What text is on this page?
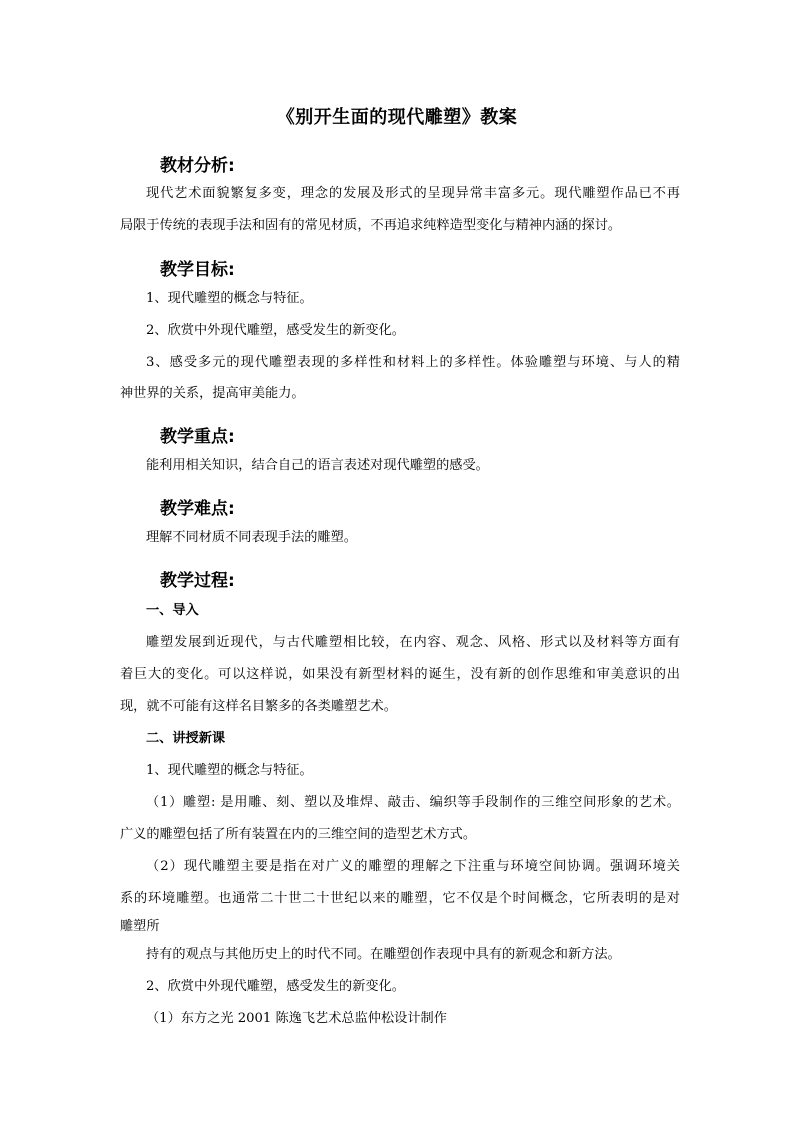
《别开生面的现代雕塑》教案
教材分析:
现代艺术面貌繁复多变，理念的发展及形式的呈现异常丰富多元。现代雕塑作品已不再
局限于传统的表现手法和固有的常见材质，不再追求纯粹造型变化与精神内涵的探讨。
教学目标:
1、现代雕塑的概念与特征。
2、欣赏中外现代雕塑，感受发生的新变化。
3、感受多元的现代雕塑表现的多样性和材料上的多样性。体验雕塑与环境、与人的精
神世界的关系，提高审美能力。
教学重点:
能利用相关知识，结合自己的语言表述对现代雕塑的感受。
教学难点:
理解不同材质不同表现手法的雕塑。
教学过程:
一、导入
雕塑发展到近现代，与古代雕塑相比较，在内容、观念、风格、形式以及材料等方面有
着巨大的变化。可以这样说，如果没有新型材料的诞生，没有新的创作思维和审美意识的出
现，就不可能有这样名目繁多的各类雕塑艺术。
二、讲授新课
1、现代雕塑的概念与特征。
（1）雕塑: 是用雕、刻、塑以及堆焊、敲击、编织等手段制作的三维空间形象的艺术。
广义的雕塑包括了所有装置在内的三维空间的造型艺术方式。
（2）现代雕塑主要是指在对广义的雕塑的理解之下注重与环境空间协调。强调环境关
系的环境雕塑。也通常二十世二十世纪以来的雕塑，它不仅是个时间概念，它所表明的是对
雕塑所
持有的观点与其他历史上的时代不同。在雕塑创作表现中具有的新观念和新方法。
2、欣赏中外现代雕塑，感受发生的新变化。
（1）东方之光 2001 陈逸飞艺术总监仲松设计制作
